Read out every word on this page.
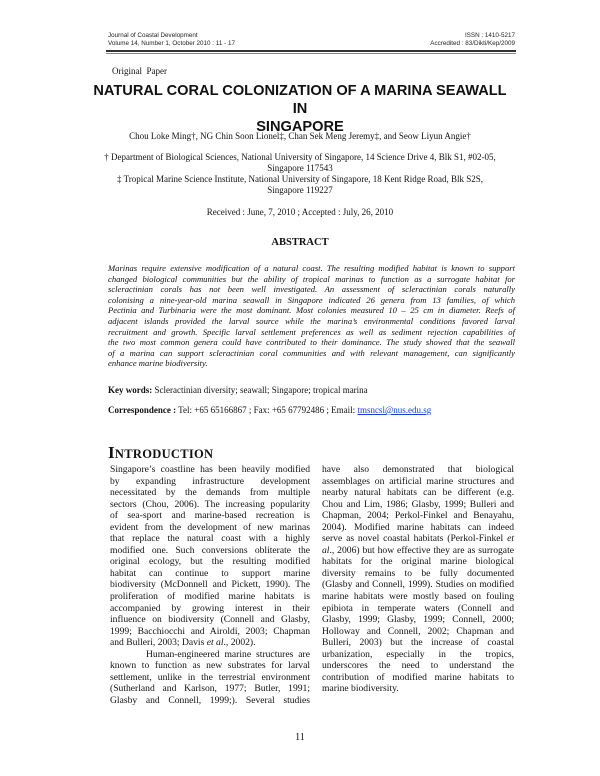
Journal of Coastal Development
Volume 14, Number 1, October 2010 : 11 - 17
ISSN : 1410-5217
Accredited : 83/Dikti/Kep/2009
Original  Paper
NATURAL CORAL COLONIZATION OF A MARINA SEAWALL IN
SINGAPORE
Chou Loke Ming†, NG Chin Soon Lionel‡, Chan Sek Meng Jeremy‡, and Seow Liyun Angie†
† Department of Biological Sciences, National University of Singapore, 14 Science Drive 4, Blk S1, #02-05,
Singapore 117543
‡ Tropical Marine Science Institute, National University of Singapore, 18 Kent Ridge Road, Blk S2S,
Singapore 119227
Received : June, 7, 2010 ; Accepted : July, 26, 2010
ABSTRACT
Marinas require extensive modification of a natural coast. The resulting modified habitat is known to support
changed biological communities but the ability of tropical marinas to function as a surrogate habitat for
scleractinian corals has not been well investigated. An assessment of scleractinian corals naturally
colonising a nine-year-old marina seawall in Singapore indicated 26 genera from 13 families, of which
Pectinia and Turbinaria were the most dominant. Most colonies measured 10 – 25 cm in diameter. Reefs of
adjacent islands provided the larval source while the marina’s environmental conditions favored larval
recruitment and growth. Specific larval settlement preferences as well as sediment rejection capabilities of
the two most common genera could have contributed to their dominance. The study showed that the seawall
of a marina can support scleractinian coral communities and with relevant management, can significantly
enhance marine biodiversity.
Key words: Scleractinian diversity; seawall; Singapore; tropical marina
Correspondence : Tel: +65 65166867 ; Fax: +65 67792486 ; Email: tmsncsl@nus.edu.sg
INTRODUCTION
Singapore’s coastline has been heavily modified
by expanding infrastructure development
necessitated by the demands from multiple
sectors (Chou, 2006). The increasing popularity
of sea-sport and marine-based recreation is
evident from the development of new marinas
that replace the natural coast with a highly
modified one. Such conversions obliterate the
original ecology, but the resulting modified
habitat can continue to support marine
biodiversity (McDonnell and Pickett, 1990). The
proliferation of modified marine habitats is
accompanied by growing interest in their
influence on biodiversity (Connell and Glasby,
1999; Bacchiocchi and Airoldi, 2003; Chapman
and Bulleri, 2003; Davis et al., 2002).
Human-engineered marine structures are
known to function as new substrates for larval
settlement, unlike in the terrestrial environment
(Sutherland and Karlson, 1977; Butler, 1991;
Glasby and Connell, 1999;). Several studies
have also demonstrated that biological
assemblages on artificial marine structures and
nearby natural habitats can be different (e.g.
Chou and Lim, 1986; Glasby, 1999; Bulleri and
Chapman, 2004; Perkol-Finkel and Benayahu,
2004). Modified marine habitats can indeed
serve as novel coastal habitats (Perkol-Finkel et
al., 2006) but how effective they are as surrogate
habitats for the original marine biological
diversity remains to be fully documented
(Glasby and Connell, 1999). Studies on modified
marine habitats were mostly based on fouling
epibiota in temperate waters (Connell and
Glasby, 1999; Glasby, 1999; Connell, 2000;
Holloway and Connell, 2002; Chapman and
Bulleri, 2003) but the increase of coastal
urbanization, especially in the tropics,
underscores the need to understand the
contribution of modified marine habitats to
marine biodiversity.
11
